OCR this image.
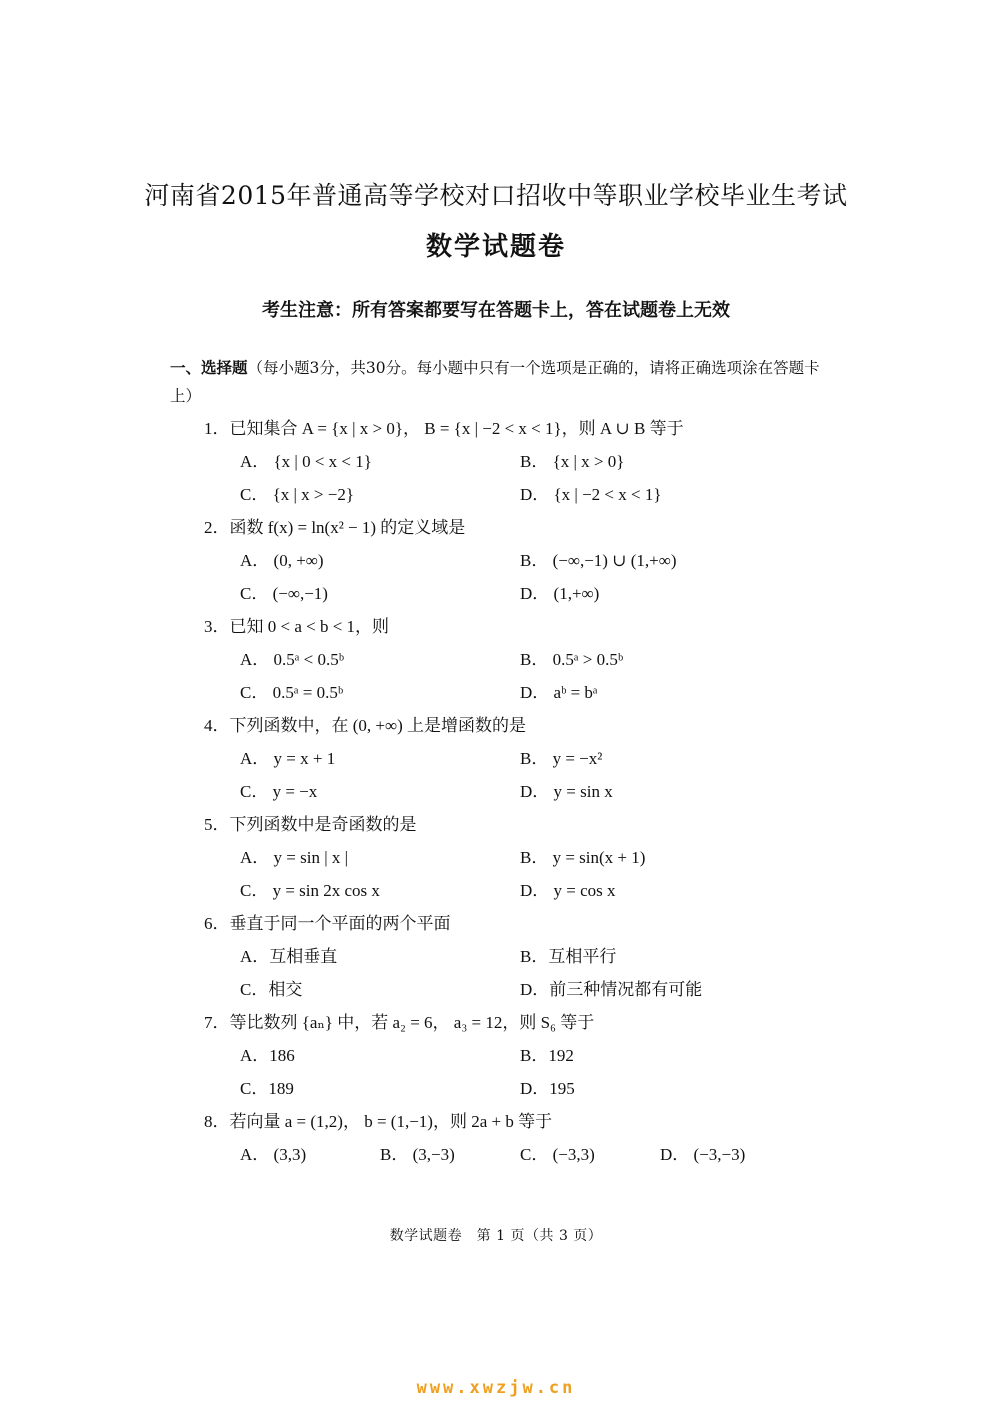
河南省2015年普通高等学校对口招收中等职业学校毕业生考试
数学试题卷
考生注意：所有答案都要写在答题卡上，答在试题卷上无效
一、选择题（每小题3分，共30分。每小题中只有一个选项是正确的，请将正确选项涂在答题卡上）
1．已知集合 A = {x | x > 0}， B = {x | −2 < x < 1}，则 A ∪ B 等于
A． {x | 0 < x < 1}	B． {x | x > 0}
C． {x | x > −2}	D． {x | −2 < x < 1}
2．函数 f(x) = ln(x² − 1) 的定义域是
A． (0, +∞)	B． (−∞,−1) ∪ (1,+∞)
C． (−∞,−1)	D． (1,+∞)
3．已知 0 < a < b < 1，则
A． 0.5ᵃ < 0.5ᵇ	B． 0.5ᵃ > 0.5ᵇ
C． 0.5ᵃ = 0.5ᵇ	D． aᵇ = bᵃ
4．下列函数中，在 (0, +∞) 上是增函数的是
A． y = x + 1	B． y = −x²
C． y = −x	D． y = sin x
5．下列函数中是奇函数的是
A． y = sin | x |	B． y = sin(x + 1)
C． y = sin 2x cos x	D． y = cos x
6．垂直于同一个平面的两个平面
A．互相垂直	B．互相平行
C．相交	D．前三种情况都有可能
7．等比数列 {aₙ} 中，若 a₂ = 6， a₃ = 12，则 S₆ 等于
A．186	B．192
C．189	D．195
8．若向量 a = (1,2)， b = (1,−1)，则 2a + b 等于
A． (3,3)	B． (3,−3)	C． (−3,3)	D． (−3,−3)
数学试题卷　第 1 页（共 3 页）
www.xwzjw.cn
